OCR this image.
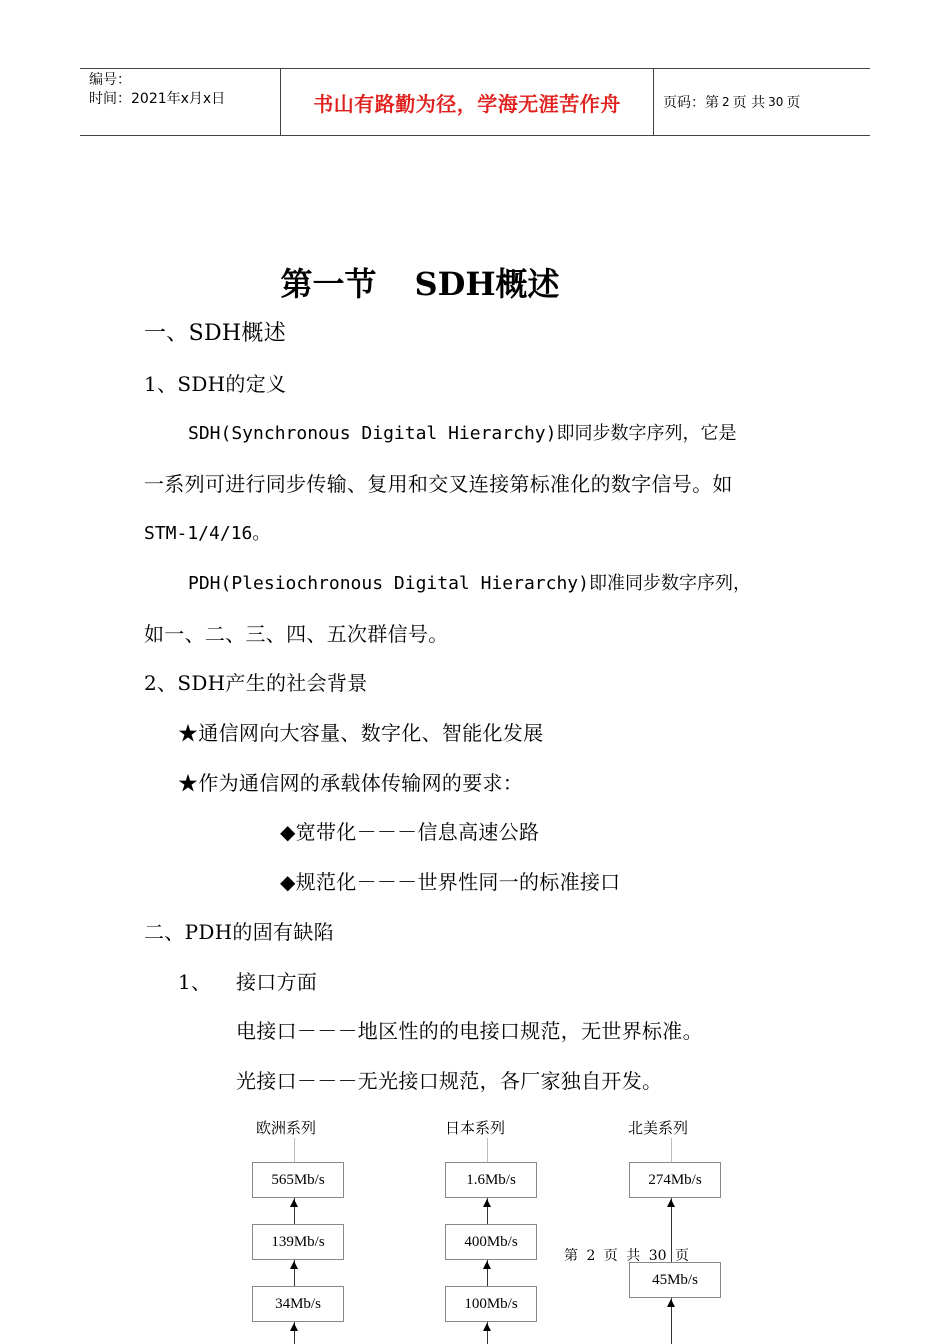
编号：
时间：2021年x月x日	书山有路勤为径，学海无涯苦作舟	页码：第 2 页 共 30 页
第一节 SDH概述
一、SDH概述
1、SDH的定义
SDH(Synchronous Digital Hierarchy)即同步数字序列，它是
一系列可进行同步传输、复用和交叉连接第标准化的数字信号。如
STM-1/4/16。
PDH(Plesiochronous Digital Hierarchy)即准同步数字序列，
如一、二、三、四、五次群信号。
2、SDH产生的社会背景
★通信网向大容量、数字化、智能化发展
★作为通信网的承载体传输网的要求：
◆宽带化－－－信息高速公路
◆规范化－－－世界性同一的标准接口
二、PDH的固有缺陷
1、 接口方面
电接口－－－地区性的的电接口规范，无世界标准。
光接口－－－无光接口规范，各厂家独自开发。
欧洲系列
565Mb/s
139Mb/s
34Mb/s
日本系列
1.6Mb/s
400Mb/s
100Mb/s
北美系列
274Mb/s
45Mb/s
第 2 页 共 30 页
